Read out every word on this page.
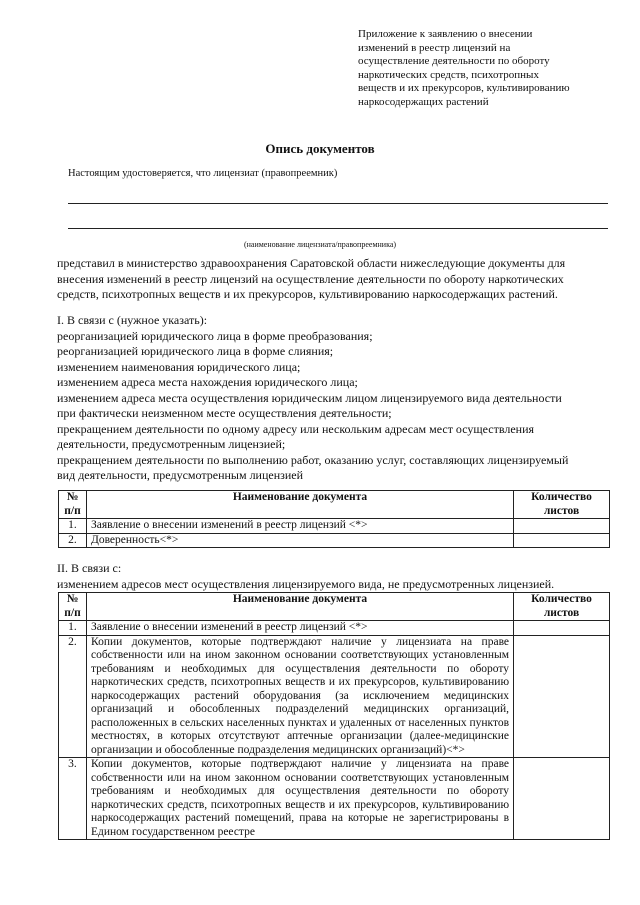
Приложение к заявлению о внесении
изменений в реестр лицензий на
осуществление деятельности по обороту
наркотических средств, психотропных
веществ и их прекурсоров, культивированию
наркосодержащих растений
Опись документов
Настоящим удостоверяется, что лицензиат (правопреемник)
(наименование лицензиата/правопреемника)
представил в министерство здравоохранения Саратовской области нижеследующие документы для
внесения изменений в реестр лицензий на осуществление деятельности по обороту наркотических
средств, психотропных веществ и их прекурсоров, культивированию наркосодержащих растений.
I. В связи с (нужное указать):
реорганизацией юридического лица в форме преобразования;
реорганизацией юридического лица в форме слияния;
изменением наименования юридического лица;
изменением адреса места нахождения юридического лица;
изменением адреса места осуществления юридическим лицом лицензируемого вида деятельности
при фактически неизменном месте осуществления деятельности;
прекращением деятельности по одному адресу или нескольким адресам мест осуществления
деятельности, предусмотренным лицензией;
прекращением деятельности по выполнению работ, оказанию услуг, составляющих лицензируемый
вид деятельности, предусмотренным лицензией
№ п/п	Наименование документа	Количество листов
1.	Заявление о внесении изменений в реестр лицензий <*>	
2.	Доверенность<*>	
II. В связи с:
изменением адресов мест осуществления лицензируемого вида, не предусмотренных лицензией.
№ п/п	Наименование документа	Количество листов
1.	Заявление о внесении изменений в реестр лицензий <*>	
2.	Копии документов, которые подтверждают наличие у лицензиата на праве собственности или на ином законном основании соответствующих установленным требованиям и необходимых для осуществления деятельности по обороту наркотических средств, психотропных веществ и их прекурсоров, культивированию наркосодержащих растений оборудования (за исключением медицинских организаций и обособленных подразделений медицинских организаций, расположенных в сельских населенных пунктах и удаленных от населенных пунктов местностях, в которых отсутствуют аптечные организации (далее-медицинские организации и обособленные подразделения медицинских организаций)<*>	
3.	Копии документов, которые подтверждают наличие у лицензиата на праве собственности или на ином законном основании соответствующих установленным требованиям и необходимых для осуществления деятельности по обороту наркотических средств, психотропных веществ и их прекурсоров, культивированию наркосодержащих растений помещений, права на которые не зарегистрированы в Едином государственном реестре	
